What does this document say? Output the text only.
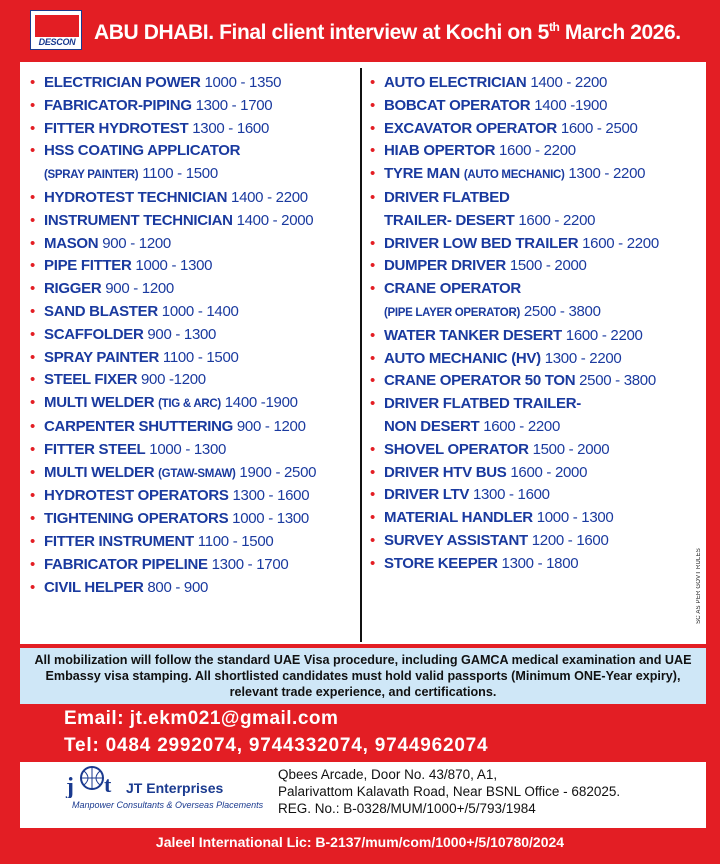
DESCON ABU DHABI. Final client interview at Kochi on 5th March 2026.
• ELECTRICIAN POWER 1000 - 1350
• FABRICATOR-PIPING 1300 - 1700
• FITTER HYDROTEST 1300 - 1600
• HSS COATING APPLICATOR
(SPRAY PAINTER) 1100 - 1500
• HYDROTEST TECHNICIAN 1400 - 2200
• INSTRUMENT TECHNICIAN 1400 - 2000
• MASON 900 - 1200
• PIPE FITTER 1000 - 1300
• RIGGER 900 - 1200
• SAND BLASTER 1000 - 1400
• SCAFFOLDER 900 - 1300
• SPRAY PAINTER 1100 - 1500
• STEEL FIXER 900 -1200
• MULTI WELDER (TIG & ARC) 1400 -1900
• CARPENTER SHUTTERING 900 - 1200
• FITTER STEEL 1000 - 1300
• MULTI WELDER (GTAW-SMAW) 1900 - 2500
• HYDROTEST OPERATORS 1300 - 1600
• TIGHTENING OPERATORS 1000 - 1300
• FITTER INSTRUMENT 1100 - 1500
• FABRICATOR PIPELINE 1300 - 1700
• CIVIL HELPER 800 - 900
• AUTO ELECTRICIAN 1400 - 2200
• BOBCAT OPERATOR 1400 -1900
• EXCAVATOR OPERATOR 1600 - 2500
• HIAB OPERTOR 1600 - 2200
• TYRE MAN (AUTO MECHANIC) 1300 - 2200
• DRIVER FLATBED
TRAILER- DESERT 1600 - 2200
• DRIVER LOW BED TRAILER 1600 - 2200
• DUMPER DRIVER 1500 - 2000
• CRANE OPERATOR
(PIPE LAYER OPERATOR) 2500 - 3800
• WATER TANKER DESERT 1600 - 2200
• AUTO MECHANIC (HV) 1300 - 2200
• CRANE OPERATOR 50 TON 2500 - 3800
• DRIVER FLATBED TRAILER-
NON DESERT 1600 - 2200
• SHOVEL OPERATOR 1500 - 2000
• DRIVER HTV BUS 1600 - 2000
• DRIVER LTV 1300 - 1600
• MATERIAL HANDLER 1000 - 1300
• SURVEY ASSISTANT 1200 - 1600
• STORE KEEPER 1300 - 1800	SC AS PER GOVT RULES
All mobilization will follow the standard UAE Visa procedure, including GAMCA medical examination and UAE Embassy visa stamping. All shortlisted candidates must hold valid passports (Minimum ONE-Year expiry), relevant trade experience, and certifications.
Email: jt.ekm021@gmail.com
Tel: 0484 2992074, 9744332074, 9744962074
j t JT Enterprises
Manpower Consultants & Overseas Placements
Qbees Arcade, Door No. 43/870, A1,
Palarivattom Kalavath Road, Near BSNL Office - 682025.
REG. No.: B-0328/MUM/1000+/5/793/1984
Jaleel International Lic: B-2137/mum/com/1000+/5/10780/2024
